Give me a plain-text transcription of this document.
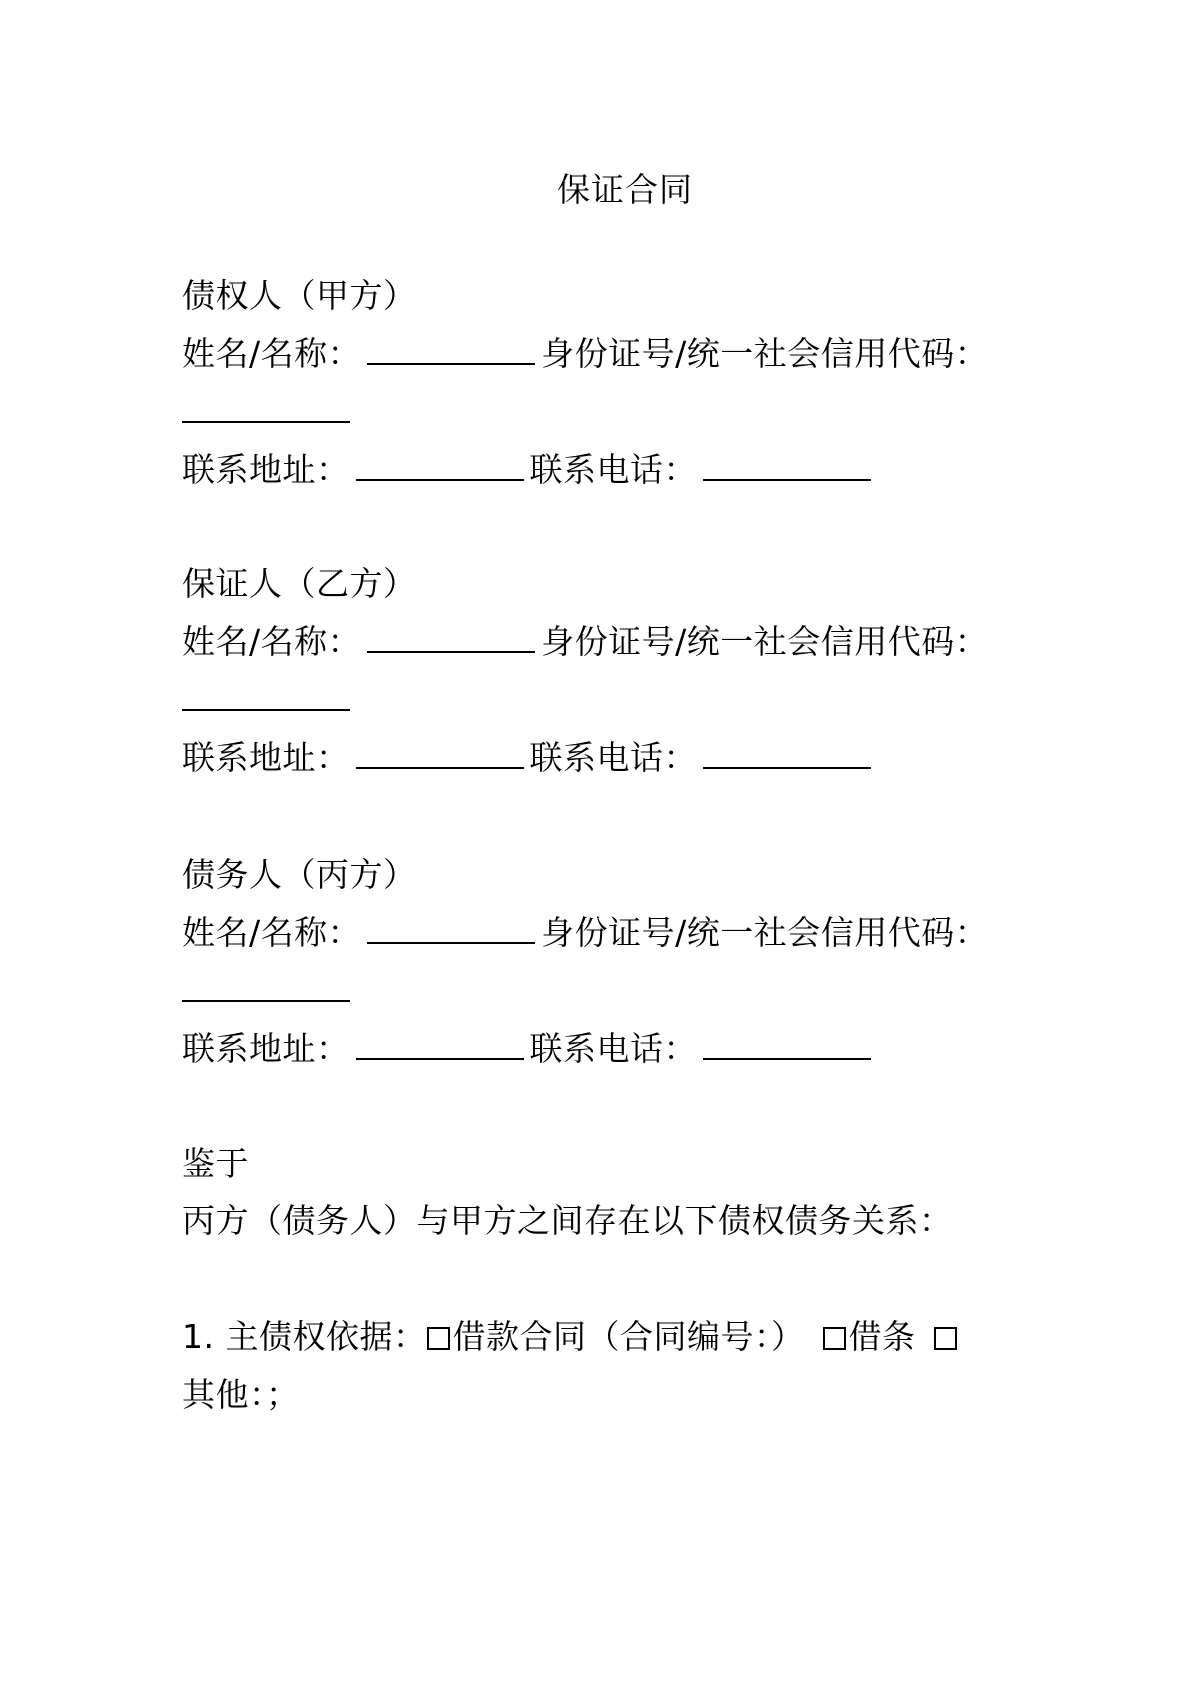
保证合同
债权人（甲方）
姓名/名称：	身份证号/统一社会信用代码：
联系地址：	联系电话：
保证人（乙方）
姓名/名称：	身份证号/统一社会信用代码：
联系地址：	联系电话：
债务人（丙方）
姓名/名称：	身份证号/统一社会信用代码：
联系地址：	联系电话：
鉴于
丙方（债务人）与甲方之间存在以下债权债务关系：
1. 主债权依据： 借款合同（合同编号：） 借条
其他：；
